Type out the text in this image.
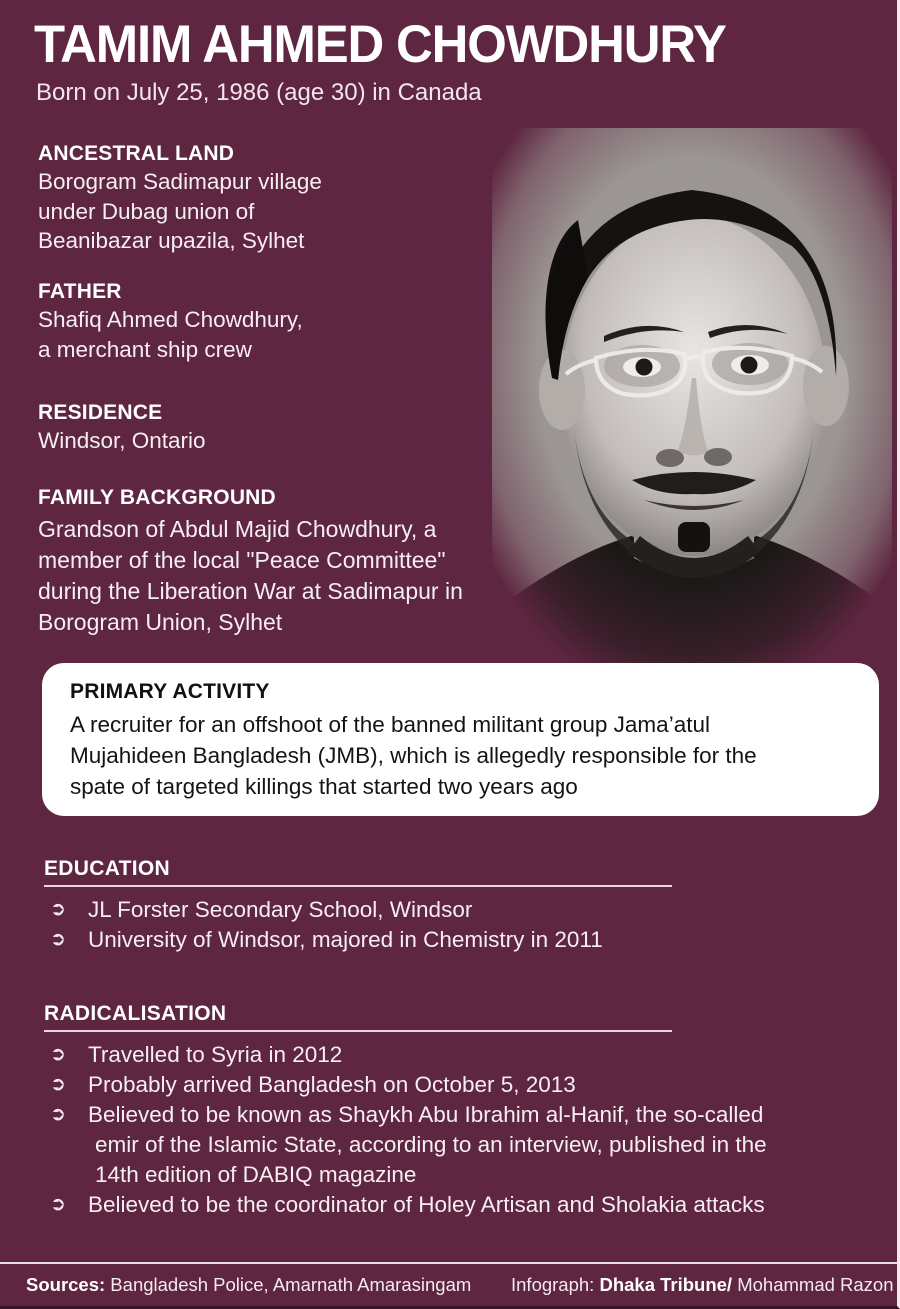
TAMIM AHMED CHOWDHURY
Born on July 25, 1986 (age 30) in Canada
ANCESTRAL LAND
Borogram Sadimapur village
under Dubag union of
Beanibazar upazila, Sylhet
FATHER
Shafiq Ahmed Chowdhury,
a merchant ship crew
RESIDENCE
Windsor, Ontario
FAMILY BACKGROUND
Grandson of Abdul Majid Chowdhury, a
member of the local "Peace Committee"
during the Liberation War at Sadimapur in
Borogram Union, Sylhet
PRIMARY ACTIVITY
A recruiter for an offshoot of the banned militant group Jama’atul
Mujahideen Bangladesh (JMB), which is allegedly responsible for the
spate of targeted killings that started two years ago
EDUCATION
➲ JL Forster Secondary School, Windsor
➲ University of Windsor, majored in Chemistry in 2011
RADICALISATION
➲ Travelled to Syria in 2012
➲ Probably arrived Bangladesh on October 5, 2013
➲ Believed to be known as Shaykh Abu Ibrahim al-Hanif, the so-called
emir of the Islamic State, according to an interview, published in the
14th edition of DABIQ magazine
➲ Believed to be the coordinator of Holey Artisan and Sholakia attacks
Sources: Bangladesh Police, Amarnath Amarasingam Infograph: Dhaka Tribune/ Mohammad Razon
